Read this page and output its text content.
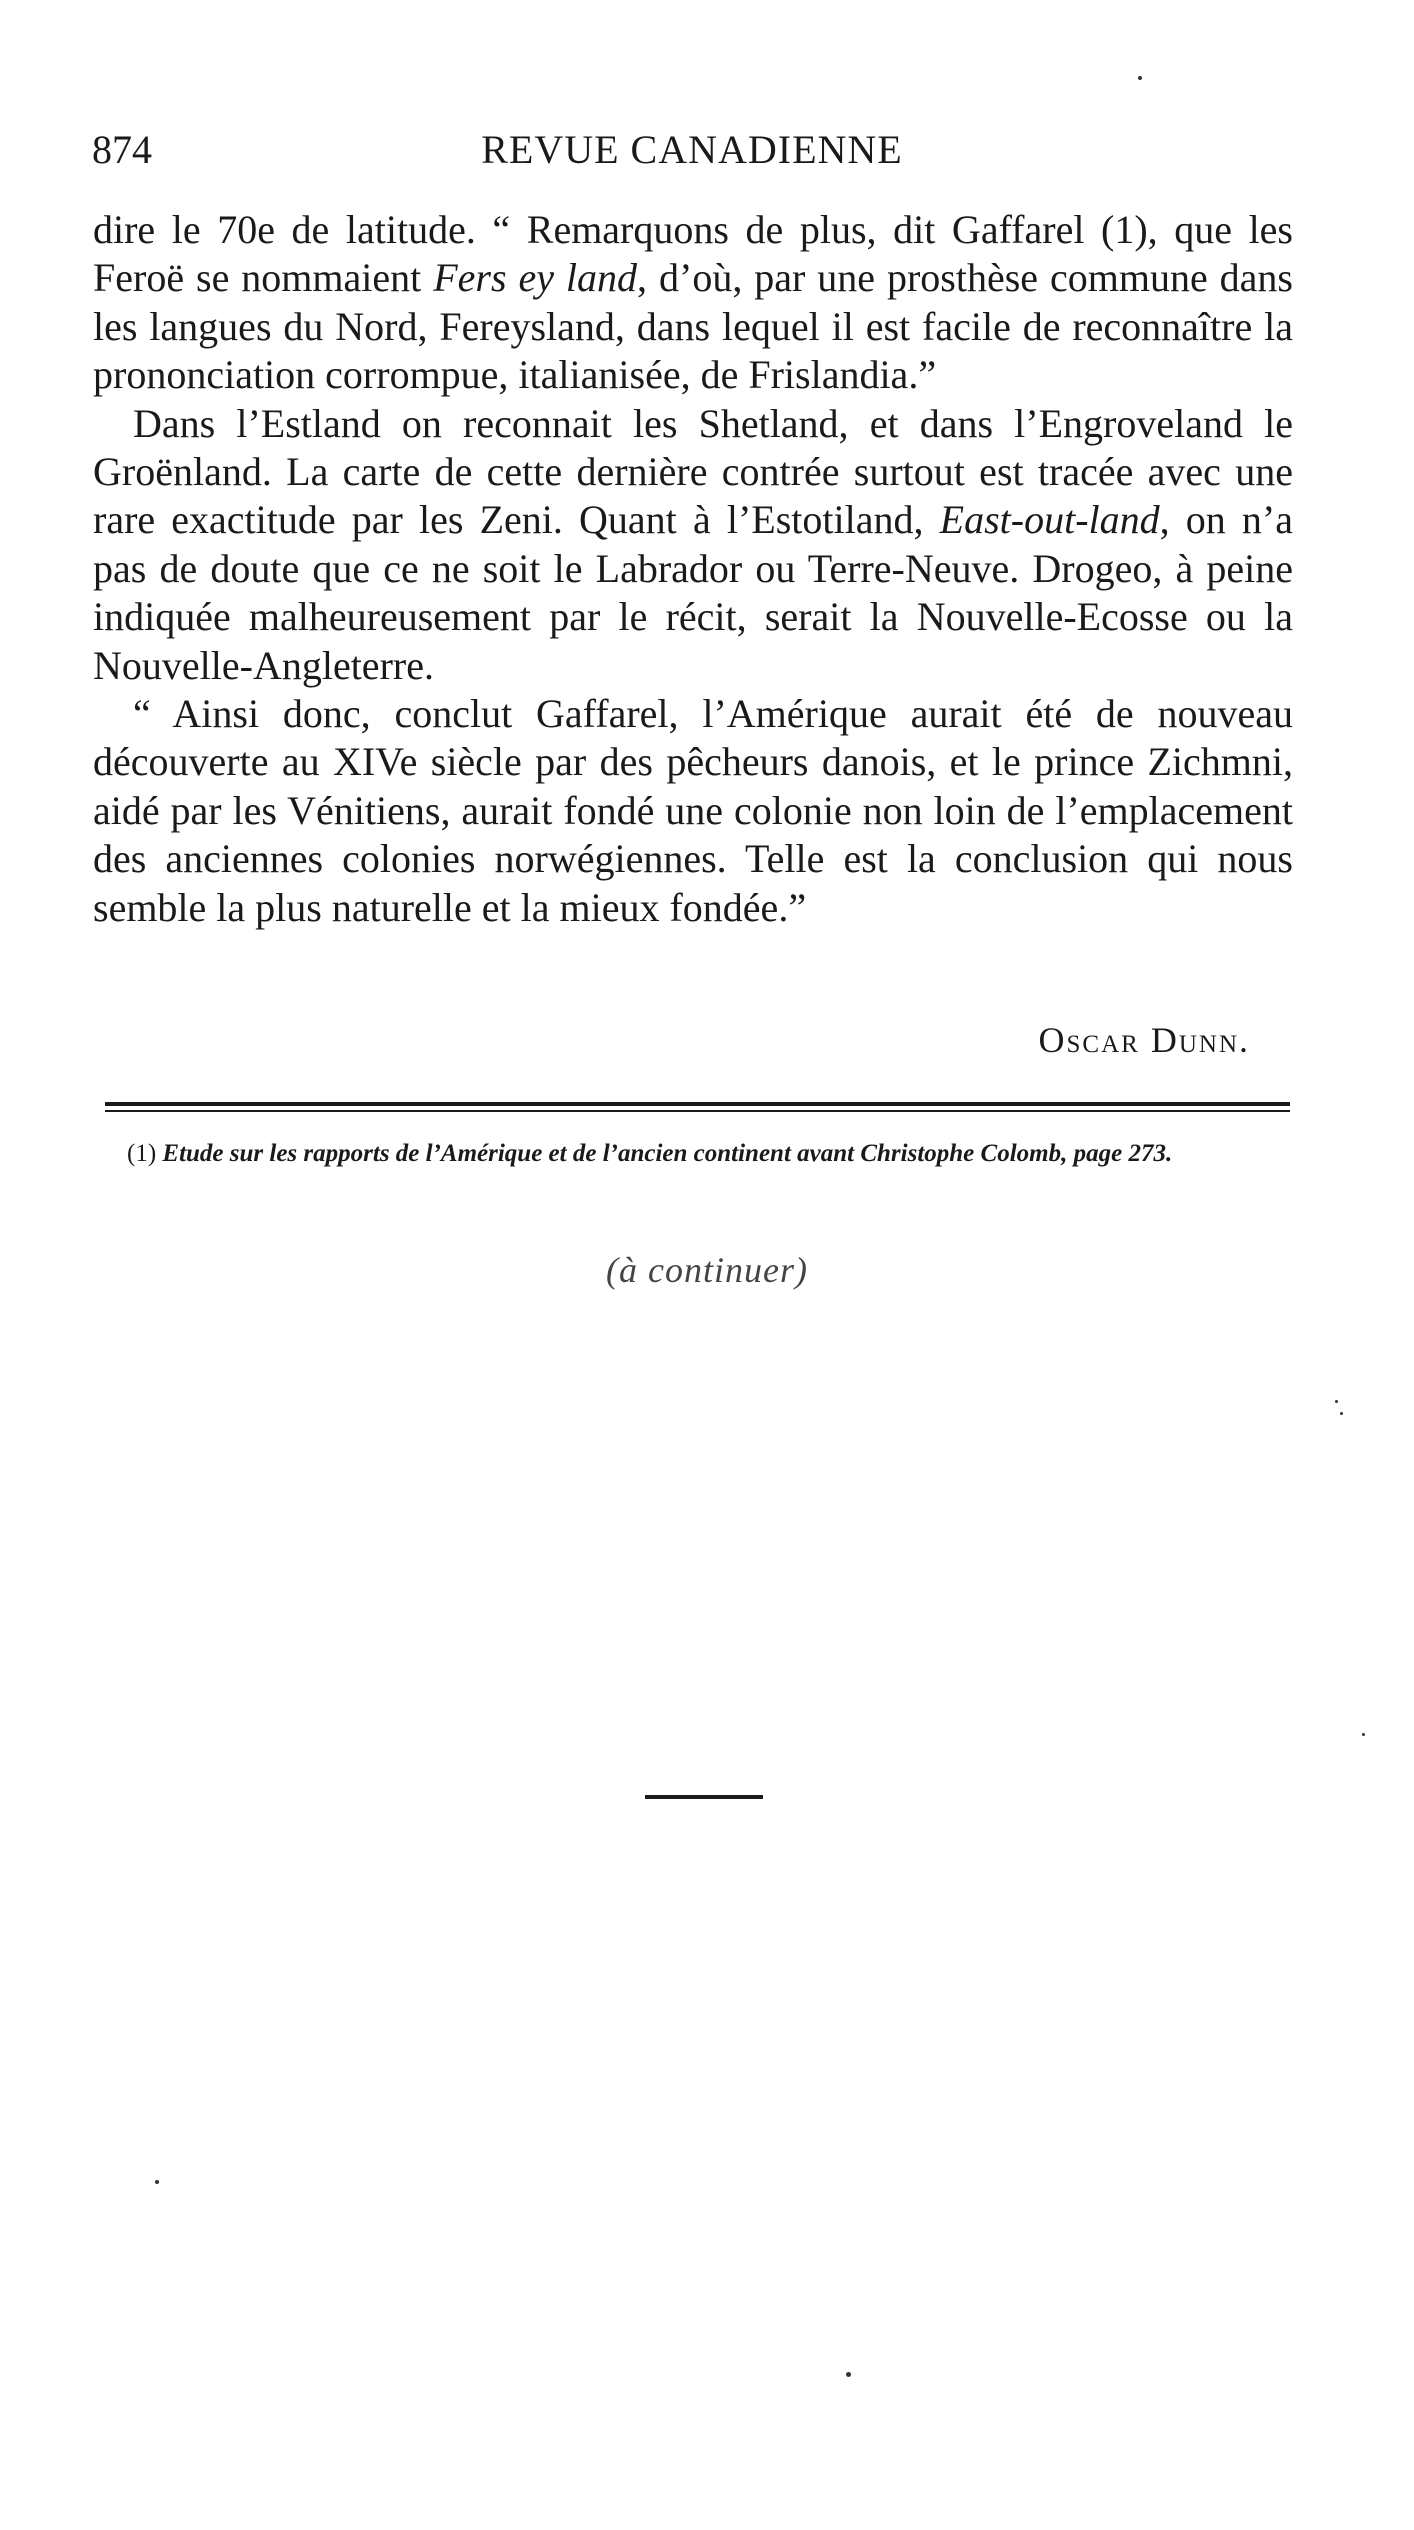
874	REVUE CANADIENNE

dire le 70e de latitude. “ Remarquons de plus, dit Gaffarel (1), que les Feroë se nommaient Fers ey land, d’où, par une prosthèse commune dans les langues du Nord, Fereysland, dans lequel il est facile de reconnaître la prononciation corrompue, italianisée, de Frislandia.”

Dans l’Estland on reconnait les Shetland, et dans l’Engroveland le Groënland. La carte de cette dernière contrée surtout est tracée avec une rare exactitude par les Zeni. Quant à l’Estotiland, East-out-land, on n’a pas de doute que ce ne soit le Labrador ou Terre-Neuve. Drogeo, à peine indiquée malheureusement par le récit, serait la Nouvelle-Ecosse ou la Nouvelle-Angleterre.

“ Ainsi donc, conclut Gaffarel, l’Amérique aurait été de nouveau découverte au XIVe siècle par des pêcheurs danois, et le prince Zichmni, aidé par les Vénitiens, aurait fondé une colonie non loin de l’emplacement des anciennes colonies norwégiennes. Telle est la conclusion qui nous semble la plus naturelle et la mieux fondée.”

Oscar Dunn.
(1) Etude sur les rapports de l’Amérique et de l’ancien continent avant Christophe Colomb, page 273.
(à continuer)
